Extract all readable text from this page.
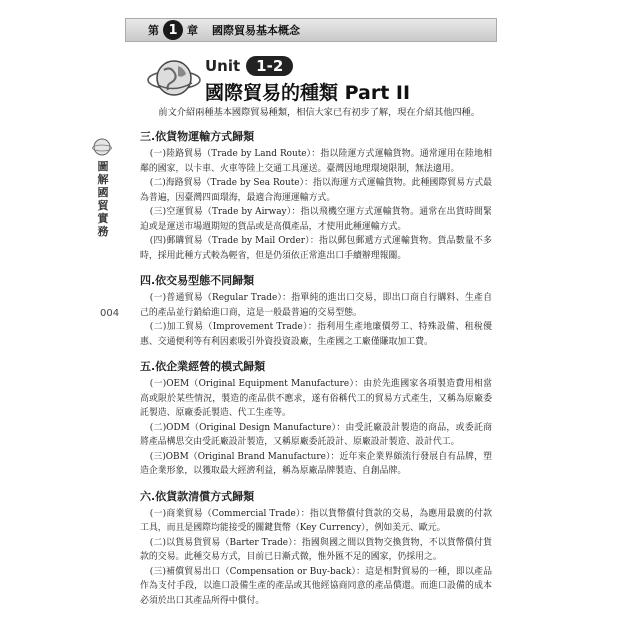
第 1 章 國際貿易基本概念
Unit	1-2
國際貿易的種類 Part II
圖解國貿實務
004

前文介紹兩種基本國際貿易種類，相信大家已有初步了解，現在介紹其他四種。

三.依貨物運輸方式歸類

(一)陸路貿易（Trade by Land Route）：指以陸運方式運輸貨物。通常運用在陸地相鄰的國家，以卡車、火車等陸上交通工具運送。臺灣因地理環境限制，無法適用。

(二)海路貿易（Trade by Sea Route）：指以海運方式運輸貨物。此種國際貿易方式最為普遍，因臺灣四面環海，最適合海運運輸方式。

(三)空運貿易（Trade by Airway）：指以飛機空運方式運輸貨物。通常在出貨時間緊迫或是運送市場週期短的貨品或是高價產品，才使用此種運輸方式。

(四)郵購貿易（Trade by Mail Order）：指以郵包郵遞方式運輸貨物。貨品數量不多時，採用此種方式較為輕省，但是仍須依正常進出口手續辦理報關。

四.依交易型態不同歸類

(一)普通貿易（Regular Trade）：指單純的進出口交易，即出口商自行購料、生產自己的產品並行銷給進口商，這是一般最普遍的交易型態。

(二)加工貿易（Improvement Trade）：指利用生產地廉價勞工、特殊設備、租稅優惠、交通便利等有利因素吸引外資投資設廠，生產國之工廠僅賺取加工費。

五.依企業經營的模式歸類

(一)OEM（Original Equipment Manufacture）：由於先進國家各項製造費用相當高或限於某些情況，製造的產品供不應求，遂有俗稱代工的貿易方式產生，又稱為原廠委託製造、原廠委託製造、代工生產等。

(二)ODM（Original Design Manufacture）：由受託廠設計製造的商品，或委託商將產品構思交由受託廠設計製造，又稱原廠委託設計、原廠設計製造、設計代工。

(三)OBM（Original Brand Manufacture）：近年來企業界頗流行發展自有品牌，塑造企業形象，以獲取最大經濟利益，稱為原廠品牌製造、自創品牌。

六.依貨款清償方式歸類

(一)商業貿易（Commercial Trade）：指以貨幣償付貨款的交易，為應用最廣的付款工具，而且是國際均能接受的關鍵貨幣（Key Currency），例如美元、歐元。

(二)以貨易貨貿易（Barter Trade）：指國與國之間以貨物交換貨物，不以貨幣償付貨款的交易。此種交易方式，目前已日漸式微，惟外匯不足的國家，仍採用之。

(三)補償貿易出口（Compensation or Buy-back）：這是相對貿易的一種，即以產品作為支付手段，以進口設備生產的產品或其他經協商同意的產品償還。而進口設備的成本必須於出口其產品所得中償付。
